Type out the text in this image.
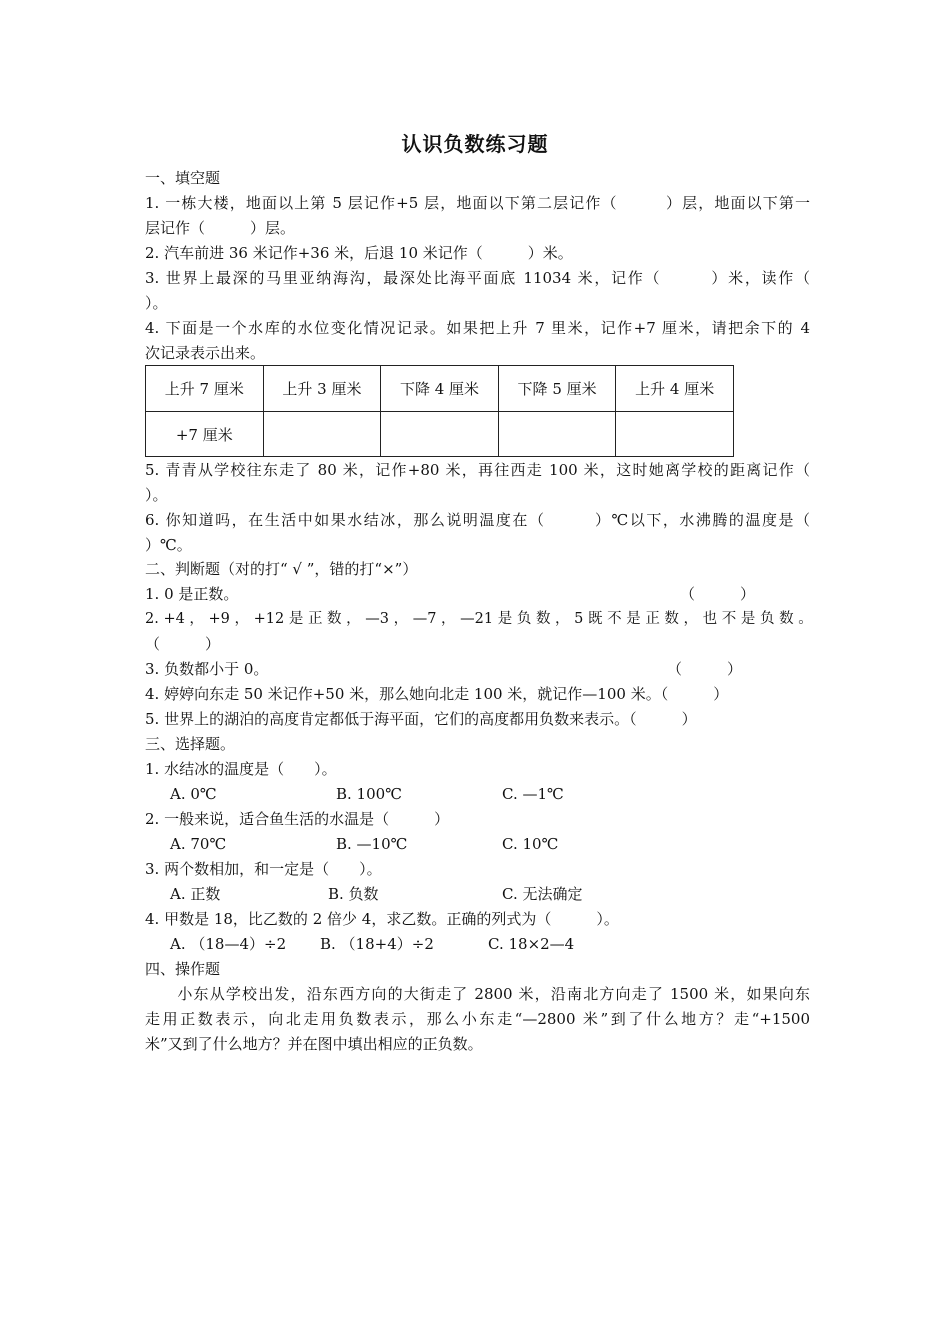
认识负数练习题
一、填空题
1. 一栋大楼，地面以上第 5 层记作+5 层，地面以下第二层记作（　　　）层，地面以下第一
层记作（　　　）层。
2. 汽车前进 36 米记作+36 米，后退 10 米记作（　　　）米。
3. 世界上最深的马里亚纳海沟，最深处比海平面底 11034 米，记作（　　　）米，读作（
）。
4. 下面是一个水库的水位变化情况记录。如果把上升 7 里米，记作+7 厘米，请把余下的 4
次记录表示出来。
上升 7 厘米	上升 3 厘米	下降 4 厘米	下降 5 厘米	上升 4 厘米
+7 厘米				
5. 青青从学校往东走了 80 米，记作+80 米，再往西走 100 米，这时她离学校的距离记作（
）。
6. 你知道吗，在生活中如果水结冰，那么说明温度在（　　　）℃以下，水沸腾的温度是（
）℃。
二、判断题（对的打“ √ ”，错的打“×”）
1. 0 是正数。	（　　　）
2. +4 ， +9 ， +12 是 正 数 ， —3 ， —7 ， —21 是 负 数 ， 5 既 不 是 正 数 ， 也 不 是 负 数 。
（　　　）
3. 负数都小于 0。	（　　　）
4. 婷婷向东走 50 米记作+50 米，那么她向北走 100 米，就记作—100 米。（　　　）
5. 世界上的湖泊的高度肯定都低于海平面，它们的高度都用负数来表示。（　　　）
三、选择题。
1. 水结冰的温度是（　　）。
A. 0℃	B. 100℃	C. —1℃
2. 一般来说，适合鱼生活的水温是（　　　）
A. 70℃	B. —10℃	C. 10℃
3. 两个数相加，和一定是（　　）。
A. 正数	B. 负数	C. 无法确定
4. 甲数是 18，比乙数的 2 倍少 4，求乙数。正确的列式为（　　　）。
A. （18—4）÷2 B. （18+4）÷2	C. 18×2—4
四、操作题
　　小东从学校出发，沿东西方向的大街走了 2800 米，沿南北方向走了 1500 米，如果向东
走用正数表示，向北走用负数表示，那么小东走“—2800 米”到了什么地方？走“+1500
米”又到了什么地方？并在图中填出相应的正负数。
